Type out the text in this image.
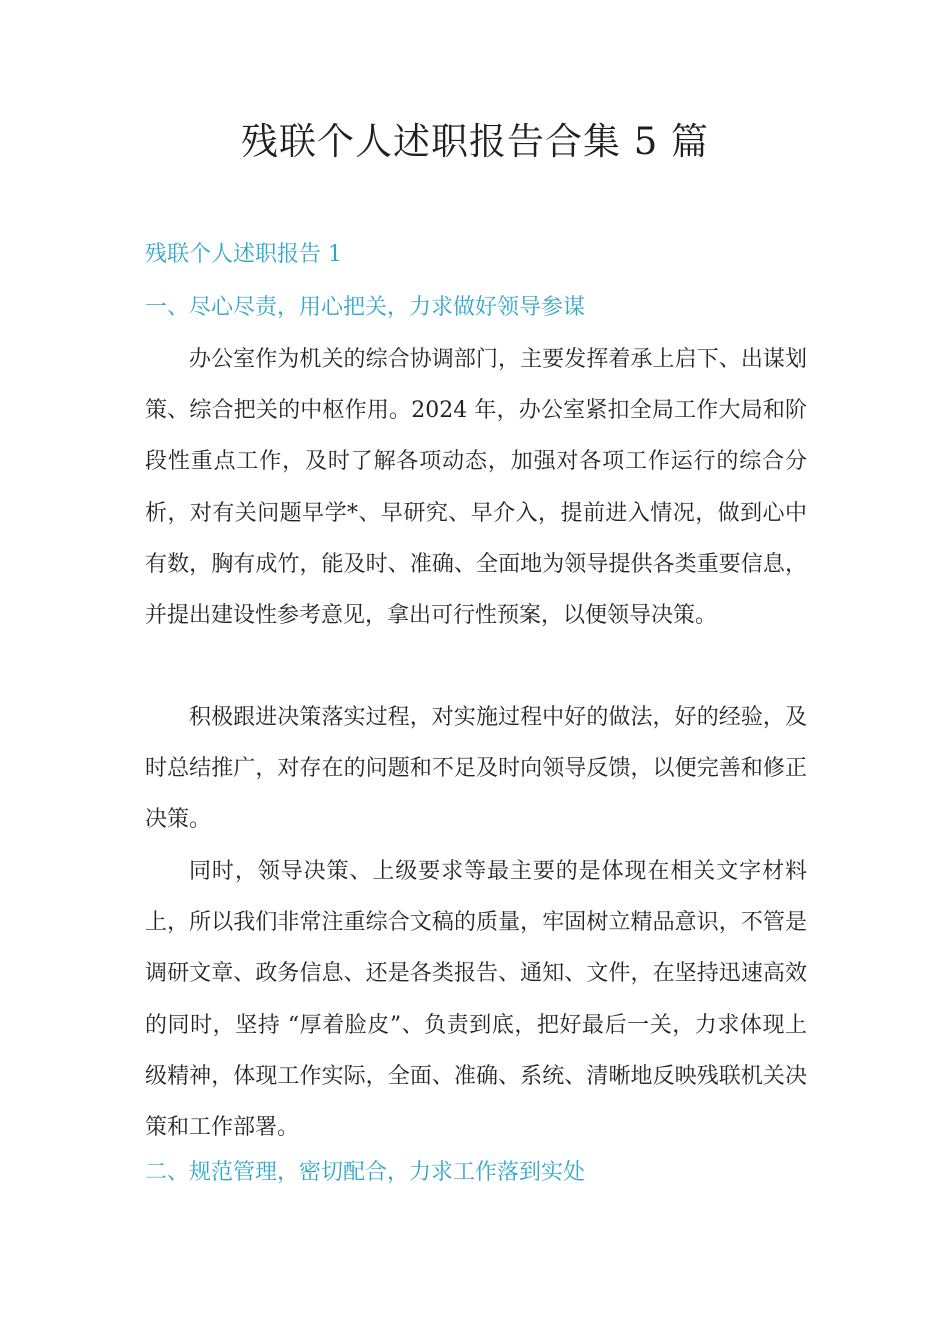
残联个人述职报告合集 5 篇
残联个人述职报告 1
一、尽心尽责，用心把关，力求做好领导参谋
办公室作为机关的综合协调部门，主要发挥着承上启下、出谋划策、综合把关的中枢作用。2024 年，办公室紧扣全局工作大局和阶段性重点工作，及时了解各项动态，加强对各项工作运行的综合分析，对有关问题早学*、早研究、早介入，提前进入情况，做到心中有数，胸有成竹，能及时、准确、全面地为领导提供各类重要信息，并提出建设性参考意见，拿出可行性预案，以便领导决策。
积极跟进决策落实过程，对实施过程中好的做法，好的经验，及时总结推广，对存在的问题和不足及时向领导反馈，以便完善和修正决策。
同时，领导决策、上级要求等最主要的是体现在相关文字材料上，所以我们非常注重综合文稿的质量，牢固树立精品意识，不管是调研文章、政务信息、还是各类报告、通知、文件，在坚持迅速高效的同时，坚持 “厚着脸皮”、负责到底，把好最后一关，力求体现上级精神，体现工作实际，全面、准确、系统、清晰地反映残联机关决策和工作部署。
二、规范管理，密切配合，力求工作落到实处
